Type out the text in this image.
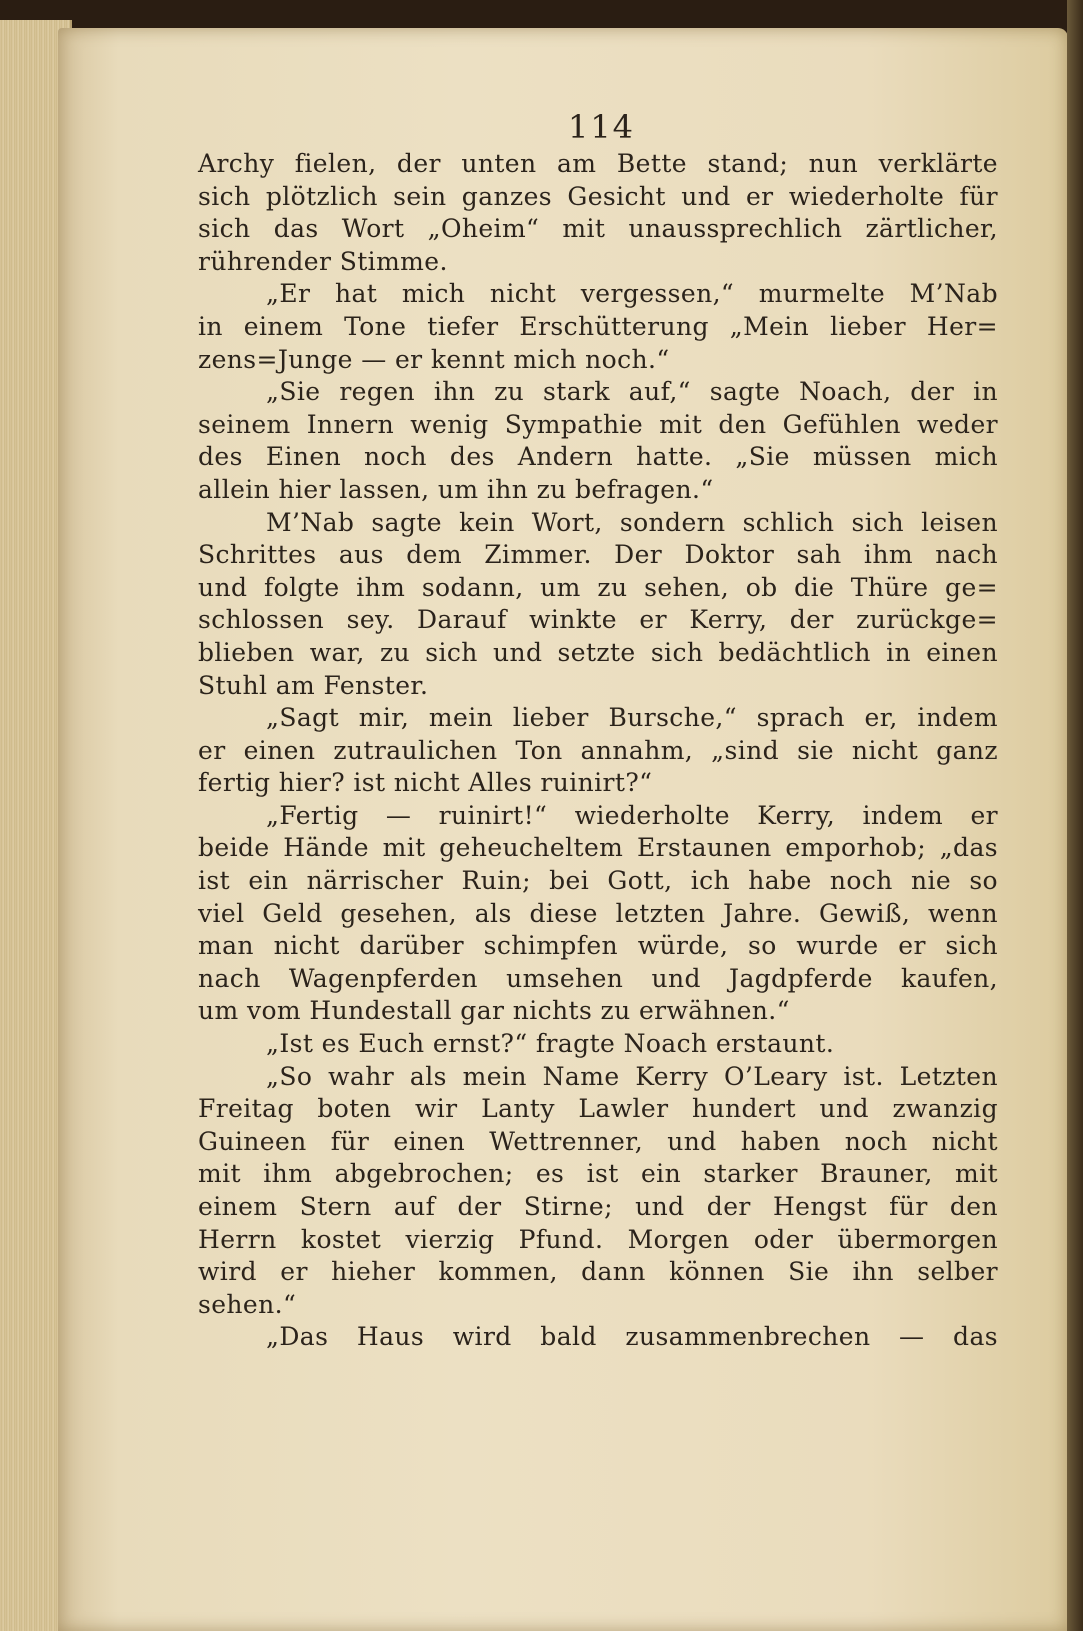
114
Archy fielen, der unten am Bette stand; nun verklärte
sich plötzlich sein ganzes Gesicht und er wiederholte für
sich das Wort „Oheim“ mit unaussprechlich zärtlicher,
rührender Stimme.
„Er hat mich nicht vergessen,“ murmelte M’Nab
in einem Tone tiefer Erschütterung „Mein lieber Her=
zens=Junge — er kennt mich noch.“
„Sie regen ihn zu stark auf,“ sagte Noach, der in
seinem Innern wenig Sympathie mit den Gefühlen weder
des Einen noch des Andern hatte. „Sie müssen mich
allein hier lassen, um ihn zu befragen.“
M’Nab sagte kein Wort, sondern schlich sich leisen
Schrittes aus dem Zimmer. Der Doktor sah ihm nach
und folgte ihm sodann, um zu sehen, ob die Thüre ge=
schlossen sey. Darauf winkte er Kerry, der zurückge=
blieben war, zu sich und setzte sich bedächtlich in einen
Stuhl am Fenster.
„Sagt mir, mein lieber Bursche,“ sprach er, indem
er einen zutraulichen Ton annahm, „sind sie nicht ganz
fertig hier? ist nicht Alles ruinirt?“
„Fertig — ruinirt!“ wiederholte Kerry, indem er
beide Hände mit geheucheltem Erstaunen emporhob; „das
ist ein närrischer Ruin; bei Gott, ich habe noch nie so
viel Geld gesehen, als diese letzten Jahre. Gewiß, wenn
man nicht darüber schimpfen würde, so wurde er sich
nach Wagenpferden umsehen und Jagdpferde kaufen,
um vom Hundestall gar nichts zu erwähnen.“
„Ist es Euch ernst?“ fragte Noach erstaunt.
„So wahr als mein Name Kerry O’Leary ist. Letzten
Freitag boten wir Lanty Lawler hundert und zwanzig
Guineen für einen Wettrenner, und haben noch nicht
mit ihm abgebrochen; es ist ein starker Brauner, mit
einem Stern auf der Stirne; und der Hengst für den
Herrn kostet vierzig Pfund. Morgen oder übermorgen
wird er hieher kommen, dann können Sie ihn selber
sehen.“
„Das Haus wird bald zusammenbrechen — das
